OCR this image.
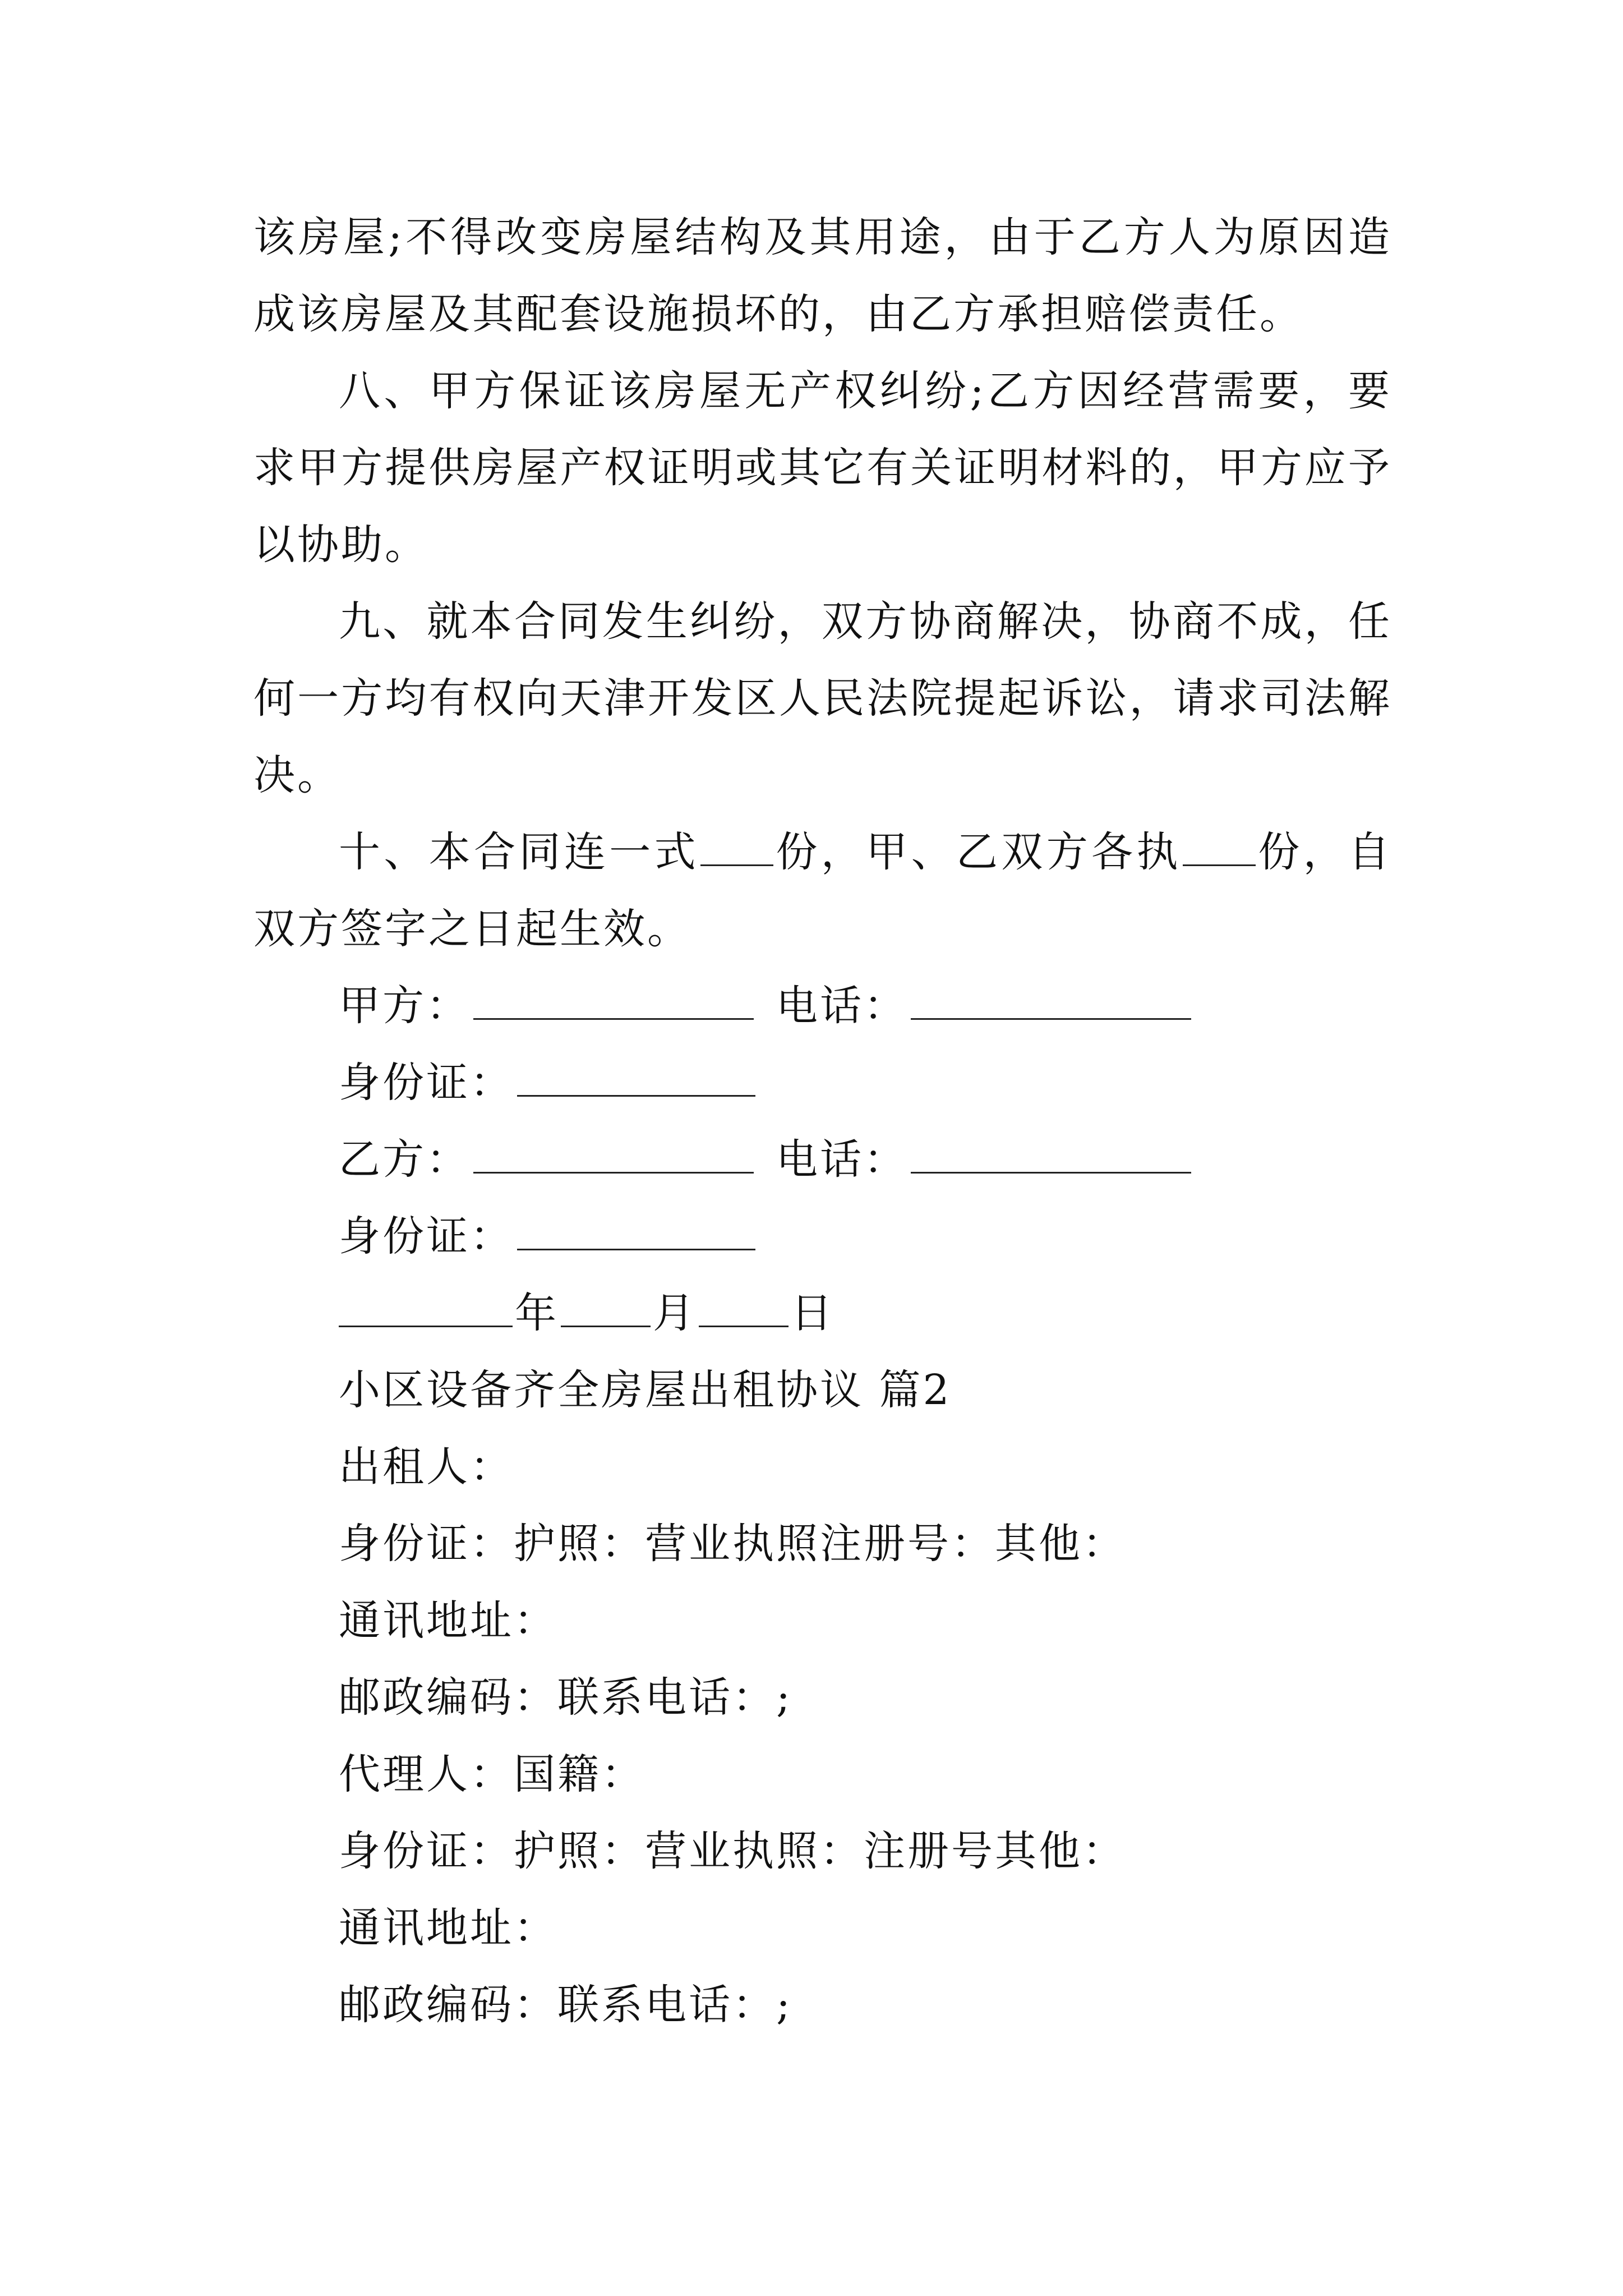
该房屋;不得改变房屋结构及其用途，由于乙方人为原因造成该房屋及其配套设施损坏的，由乙方承担赔偿责任。

八、甲方保证该房屋无产权纠纷;乙方因经营需要，要求甲方提供房屋产权证明或其它有关证明材料的，甲方应予以协助。

九、就本合同发生纠纷，双方协商解决，协商不成，任何一方均有权向天津开发区人民法院提起诉讼，请求司法解决。

十、本合同连一式 份，甲、乙双方各执 份，自双方签字之日起生效。

甲方：	电话：

身份证：

乙方：	电话：

身份证：

年 月 日

小区设备齐全房屋出租协议 篇2

出租人：

身份证：护照：营业执照注册号：其他：

通讯地址：

邮政编码：联系电话：;

代理人：国籍：

身份证：护照：营业执照：注册号其他：

通讯地址：

邮政编码：联系电话：;
